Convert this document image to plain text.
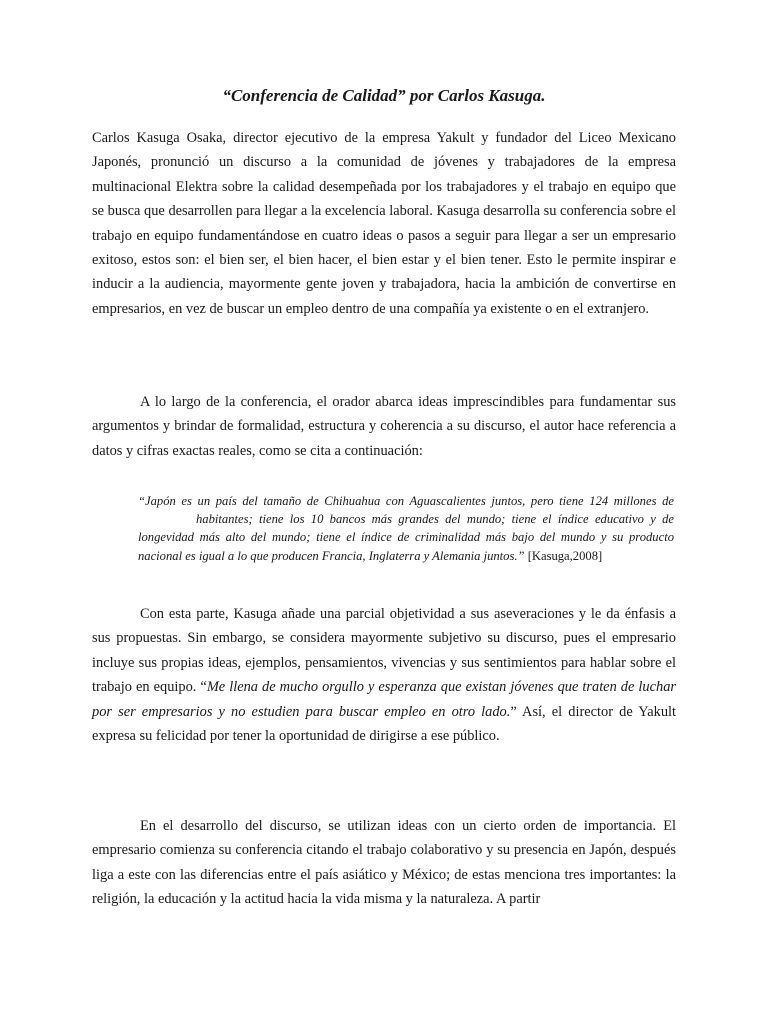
“Conferencia de Calidad” por Carlos Kasuga.

Carlos Kasuga Osaka, director ejecutivo de la empresa Yakult y fundador del Liceo Mexicano Japonés, pronunció un discurso a la comunidad de jóvenes y trabajadores de la empresa multinacional Elektra sobre la calidad desempeñada por los trabajadores y el trabajo en equipo que se busca que desarrollen para llegar a la excelencia laboral. Kasuga desarrolla su conferencia sobre el trabajo en equipo fundamentándose en cuatro ideas o pasos a seguir para llegar a ser un empresario exitoso, estos son: el bien ser, el bien hacer, el bien estar y el bien tener. Esto le permite inspirar e inducir a la audiencia, mayormente gente joven y trabajadora, hacia la ambición de convertirse en empresarios, en vez de buscar un empleo dentro de una compañía ya existente o en el extranjero.

A lo largo de la conferencia, el orador abarca ideas imprescindibles para fundamentar sus argumentos y brindar de formalidad, estructura y coherencia a su discurso, el autor hace referencia a datos y cifras exactas reales, como se cita a continuación:

“Japón es un país del tamaño de Chihuahua con Aguascalientes juntos, pero tiene 124 millones dehabitantes; tiene los 10 bancos más grandes del mundo; tiene el índice educativo y de longevidad más alto del mundo; tiene el índice de criminalidad más bajo del mundo y su producto nacional es igual a lo que producen Francia, Inglaterra y Alemania juntos.” [Kasuga,2008]

Con esta parte, Kasuga añade una parcial objetividad a sus aseveraciones y le da énfasis a sus propuestas. Sin embargo, se considera mayormente subjetivo su discurso, pues el empresario incluye sus propias ideas, ejemplos, pensamientos, vivencias y sus sentimientos para hablar sobre el trabajo en equipo. “Me llena de mucho orgullo y esperanza que existan jóvenes que traten de luchar por ser empresarios y no estudien para buscar empleo en otro lado.” Así, el director de Yakult expresa su felicidad por tener la oportunidad de dirigirse a ese público.

En el desarrollo del discurso, se utilizan ideas con un cierto orden de importancia. El empresario comienza su conferencia citando el trabajo colaborativo y su presencia en Japón, después liga a este con las diferencias entre el país asiático y México; de estas menciona tres importantes: la religión, la educación y la actitud hacia la vida misma y la naturaleza. A partir
